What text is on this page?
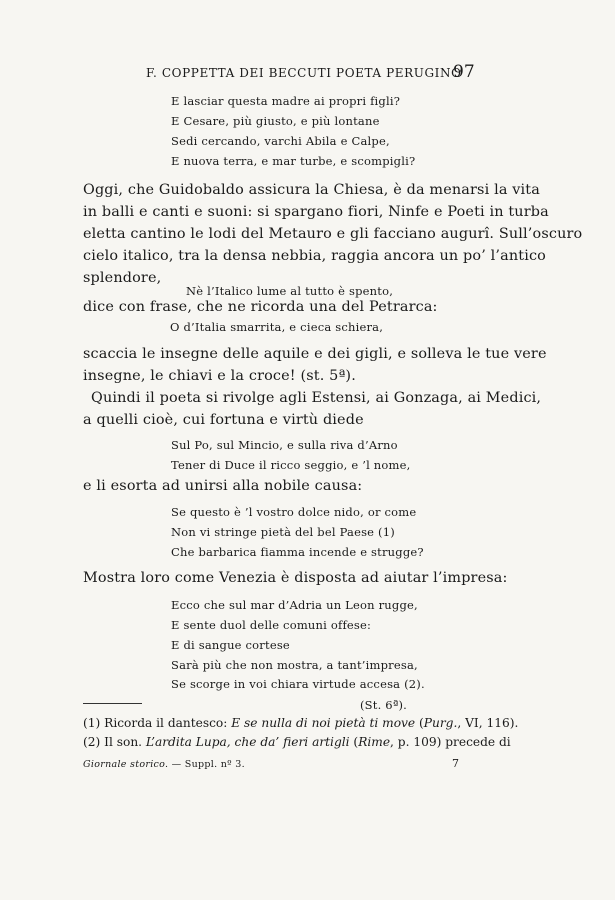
F. COPPETTA DEI BECCUTI POETA PERUGINO
97
E lasciar questa madre ai propri figli?
E Cesare, più giusto, e più lontane
Sedi cercando, varchi Abila e Calpe,
E nuova terra, e mar turbe, e scompigli?
Oggi, che Guidobaldo assicura la Chiesa, è da menarsi la vita
in balli e canti e suoni: si spargano fiori, Ninfe e Poeti in turba
eletta cantino le lodi del Metauro e gli facciano augurî. Sull’oscuro
cielo italico, tra la densa nebbia, raggia ancora un po’ l’antico
splendore,
Nè l’Italico lume al tutto è spento,
dice con frase, che ne ricorda una del Petrarca:
O d’Italia smarrita, e cieca schiera,
scaccia le insegne delle aquile e dei gigli, e solleva le tue vere
insegne, le chiavi e la croce! (st. 5ª).
Quindi il poeta si rivolge agli Estensi, ai Gonzaga, ai Medici,
a quelli cioè, cui fortuna e virtù diede
Sul Po, sul Mincio, e sulla riva d’Arno
Tener di Duce il ricco seggio, e ’l nome,
e li esorta ad unirsi alla nobile causa:
Se questo è ’l vostro dolce nido, or come
Non vi stringe pietà del bel Paese (1)
Che barbarica fiamma incende e strugge?
Mostra loro come Venezia è disposta ad aiutar l’impresa:
Ecco che sul mar d’Adria un Leon rugge,
E sente duol delle comuni offese:
E di sangue cortese
Sarà più che non mostra, a tant’impresa,
Se scorge in voi chiara virtude accesa (2).
(St. 6ª).
(1) Ricorda il dantesco: E se nulla di noi pietà ti move (Purg., VI, 116).
(2) Il son. L’ardita Lupa, che da’ fieri artigli (Rime, p. 109) precede di
Giornale storico. — Suppl. nº 3.	7
